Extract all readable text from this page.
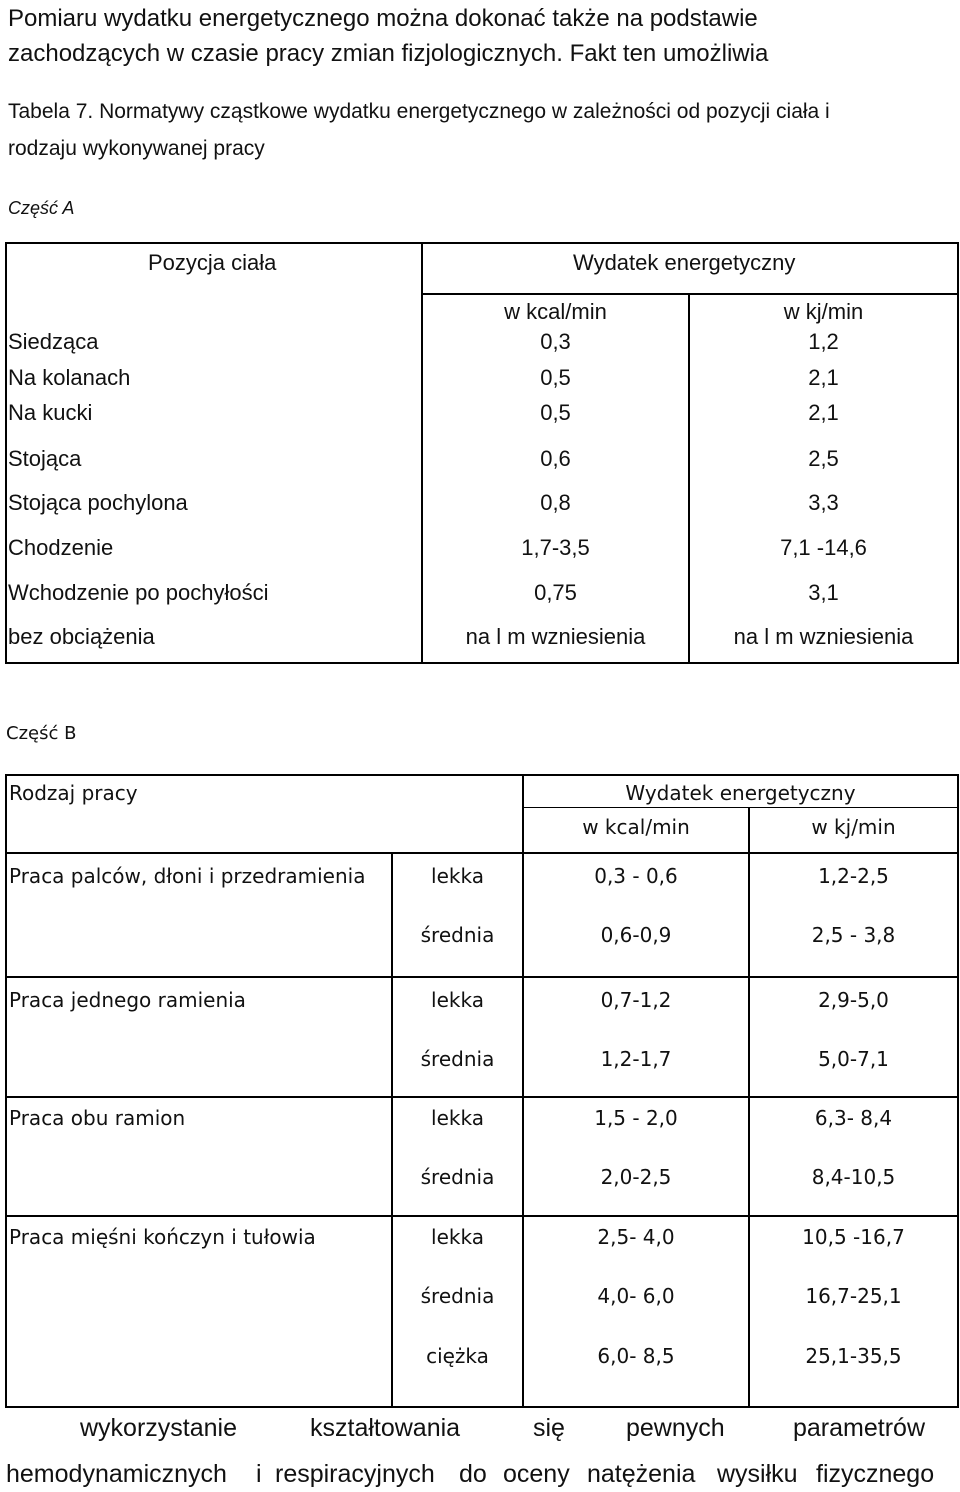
Pomiaru wydatku energetycznego można dokonać także na podstawie
zachodzących w czasie pracy zmian fizjologicznych. Fakt ten umożliwia
Tabela 7. Normatywy cząstkowe wydatku energetycznego w zależności od pozycji ciała i
rodzaju wykonywanej pracy
Część A
Pozycja ciała	Wydatek energetyczny
w kcal/min	w kj/min
Siedząca	0,3	1,2
Na kolanach	0,5	2,1
Na kucki	0,5	2,1
Stojąca	0,6	2,5
Stojąca pochylona	0,8	3,3
Chodzenie	1,7-3,5	7,1 -14,6
Wchodzenie po pochyłości	0,75	3,1
bez obciążenia	na l m wzniesienia	na l m wzniesienia
Część B
Rodzaj pracy	Wydatek energetyczny
w kcal/min	w kj/min
Praca palców, dłoni i przedramienia	lekka	0,3 - 0,6	1,2-2,5
średnia	0,6-0,9	2,5 - 3,8
Praca jednego ramienia	lekka	0,7-1,2	2,9-5,0
średnia	1,2-1,7	5,0-7,1
Praca obu ramion	lekka	1,5 - 2,0	6,3- 8,4
średnia	2,0-2,5	8,4-10,5
Praca mięśni kończyn i tułowia	lekka	2,5- 4,0	10,5 -16,7
średnia	4,0- 6,0	16,7-25,1
ciężka	6,0- 8,5	25,1-35,5
wykorzystanie	kształtowania	się pewnych	parametrów
hemodynamicznych i respiracyjnych do oceny natężenia wysiłku fizycznego
